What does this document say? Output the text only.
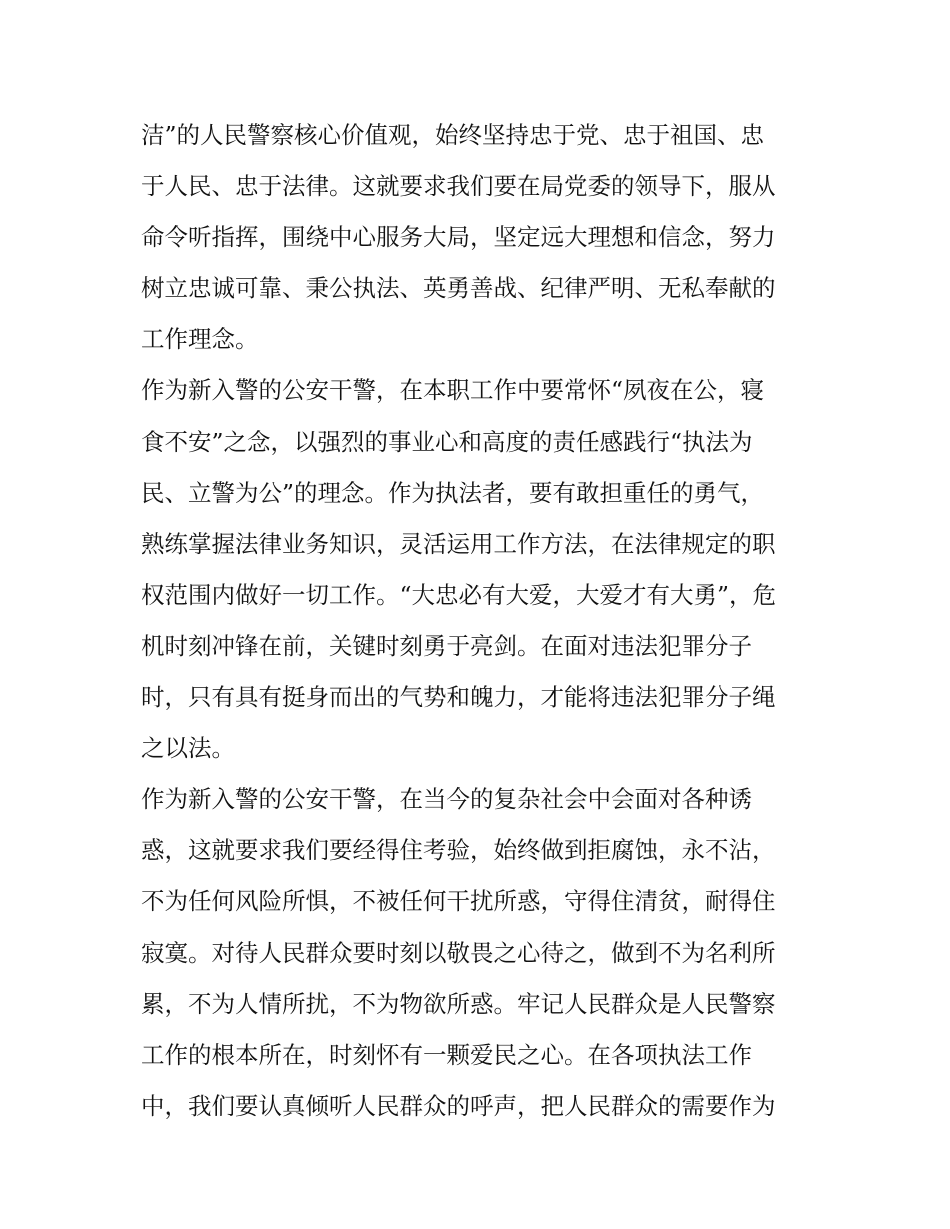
洁”的人民警察核心价值观，始终坚持忠于党、忠于祖国、忠
于人民、忠于法律。这就要求我们要在局党委的领导下，服从
命令听指挥，围绕中心服务大局，坚定远大理想和信念，努力
树立忠诚可靠、秉公执法、英勇善战、纪律严明、无私奉献的
工作理念。
作为新入警的公安干警，在本职工作中要常怀“夙夜在公，寝
食不安”之念，以强烈的事业心和高度的责任感践行“执法为
民、立警为公”的理念。作为执法者，要有敢担重任的勇气，
熟练掌握法律业务知识，灵活运用工作方法，在法律规定的职
权范围内做好一切工作。“大忠必有大爱，大爱才有大勇”，危
机时刻冲锋在前，关键时刻勇于亮剑。在面对违法犯罪分子
时，只有具有挺身而出的气势和魄力，才能将违法犯罪分子绳
之以法。
作为新入警的公安干警，在当今的复杂社会中会面对各种诱
惑，这就要求我们要经得住考验，始终做到拒腐蚀，永不沾，
不为任何风险所惧，不被任何干扰所惑，守得住清贫，耐得住
寂寞。对待人民群众要时刻以敬畏之心待之，做到不为名利所
累，不为人情所扰，不为物欲所惑。牢记人民群众是人民警察
工作的根本所在，时刻怀有一颗爱民之心。在各项执法工作
中，我们要认真倾听人民群众的呼声，把人民群众的需要作为
